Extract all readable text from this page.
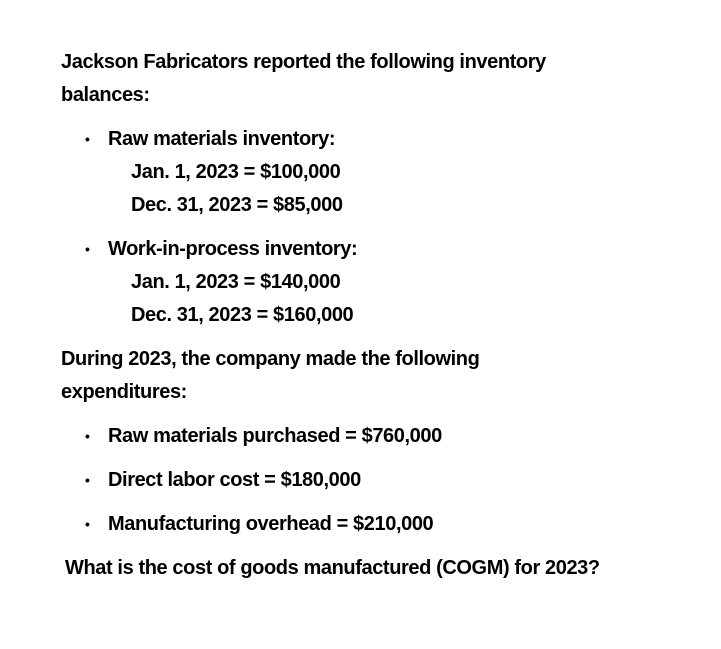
Jackson Fabricators reported the following inventory
balances:

• Raw materials inventory:
Jan. 1, 2023 = $100,000
Dec. 31, 2023 = $85,000
• Work-in-process inventory:
Jan. 1, 2023 = $140,000
Dec. 31, 2023 = $160,000

During 2023, the company made the following
expenditures:

• Raw materials purchased = $760,000
• Direct labor cost = $180,000
• Manufacturing overhead = $210,000
What is the cost of goods manufactured (COGM) for 2023?
